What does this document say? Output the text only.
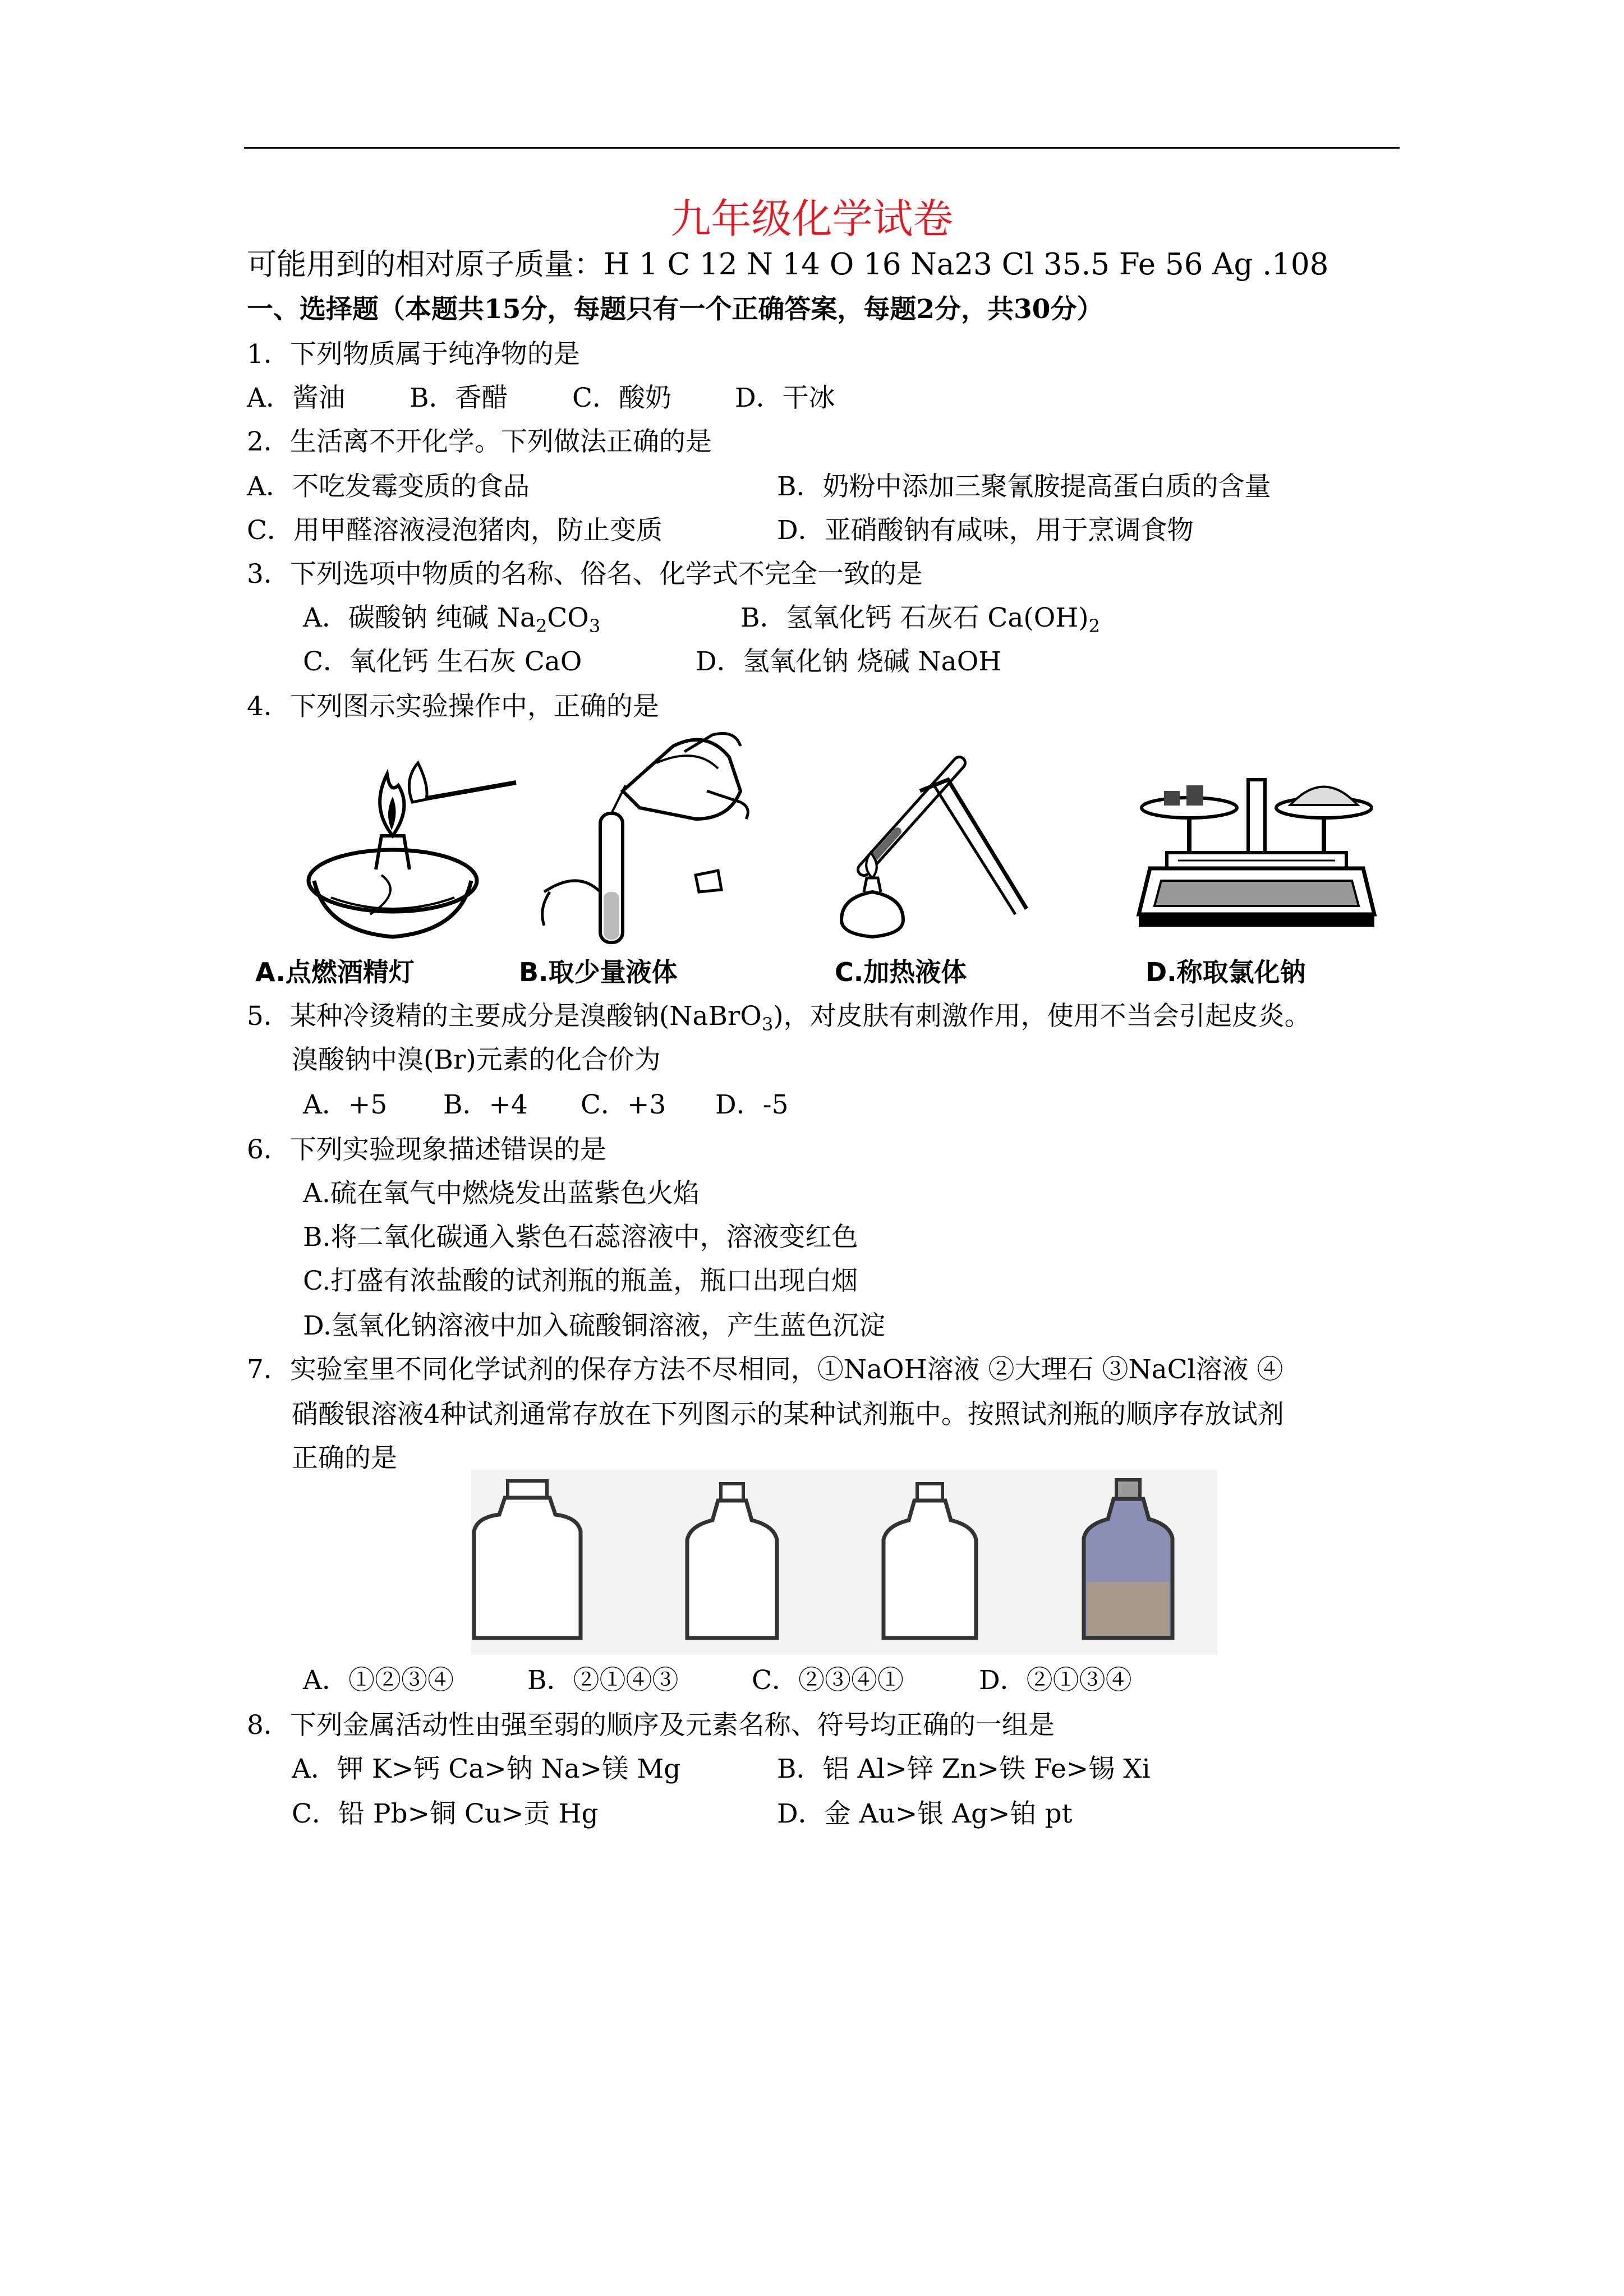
九年级化学试卷
可能用到的相对原子质量：H 1 C 12 N 14 O 16 Na23 Cl 35.5 Fe 56 Ag .108
一、选择题（本题共15分，每题只有一个正确答案，每题2分，共30分）
1．下列物质属于纯净物的是
A．酱油 B．香醋 C．酸奶 D．干冰
2．生活离不开化学。下列做法正确的是
A．不吃发霉变质的食品	B．奶粉中添加三聚氰胺提高蛋白质的含量
C．用甲醛溶液浸泡猪肉，防止变质	D．亚硝酸钠有咸味，用于烹调食物
3．下列选项中物质的名称、俗名、化学式不完全一致的是
A．碳酸钠 纯碱 $Na_2CO_3$	B．氢氧化钙 石灰石 $Ca(OH)_2$
C．氧化钙 生石灰 CaO	D．氢氧化钠 烧碱 NaOH
4．下列图示实验操作中，正确的是
A.点燃酒精灯	B.取少量液体	C.加热液体	D.称取氯化钠
5．某种冷烫精的主要成分是溴酸钠(NaBrO$_3$)，对皮肤有刺激作用，使用不当会引起皮炎。
溴酸钠中溴(Br)元素的化合价为
A．+5 B．+4 C．+3 D．-5
6．下列实验现象描述错误的是
A.硫在氧气中燃烧发出蓝紫色火焰
B.将二氧化碳通入紫色石蕊溶液中，溶液变红色
C.打盛有浓盐酸的试剂瓶的瓶盖，瓶口出现白烟
D.氢氧化钠溶液中加入硫酸铜溶液，产生蓝色沉淀
7．实验室里不同化学试剂的保存方法不尽相同，①NaOH溶液 ②大理石 ③NaCl溶液 ④
硝酸银溶液4种试剂通常存放在下列图示的某种试剂瓶中。按照试剂瓶的顺序存放试剂
正确的是
A．①②③④	B．②①④③	C．②③④①	D．②①③④
8．下列金属活动性由强至弱的顺序及元素名称、符号均正确的一组是
A．钾 K>钙 Ca>钠 Na>镁 Mg	B．铝 Al>锌 Zn>铁 Fe>锡 Xi
C．铅 Pb>铜 Cu>贡 Hg	D．金 Au>银 Ag>铂 pt
